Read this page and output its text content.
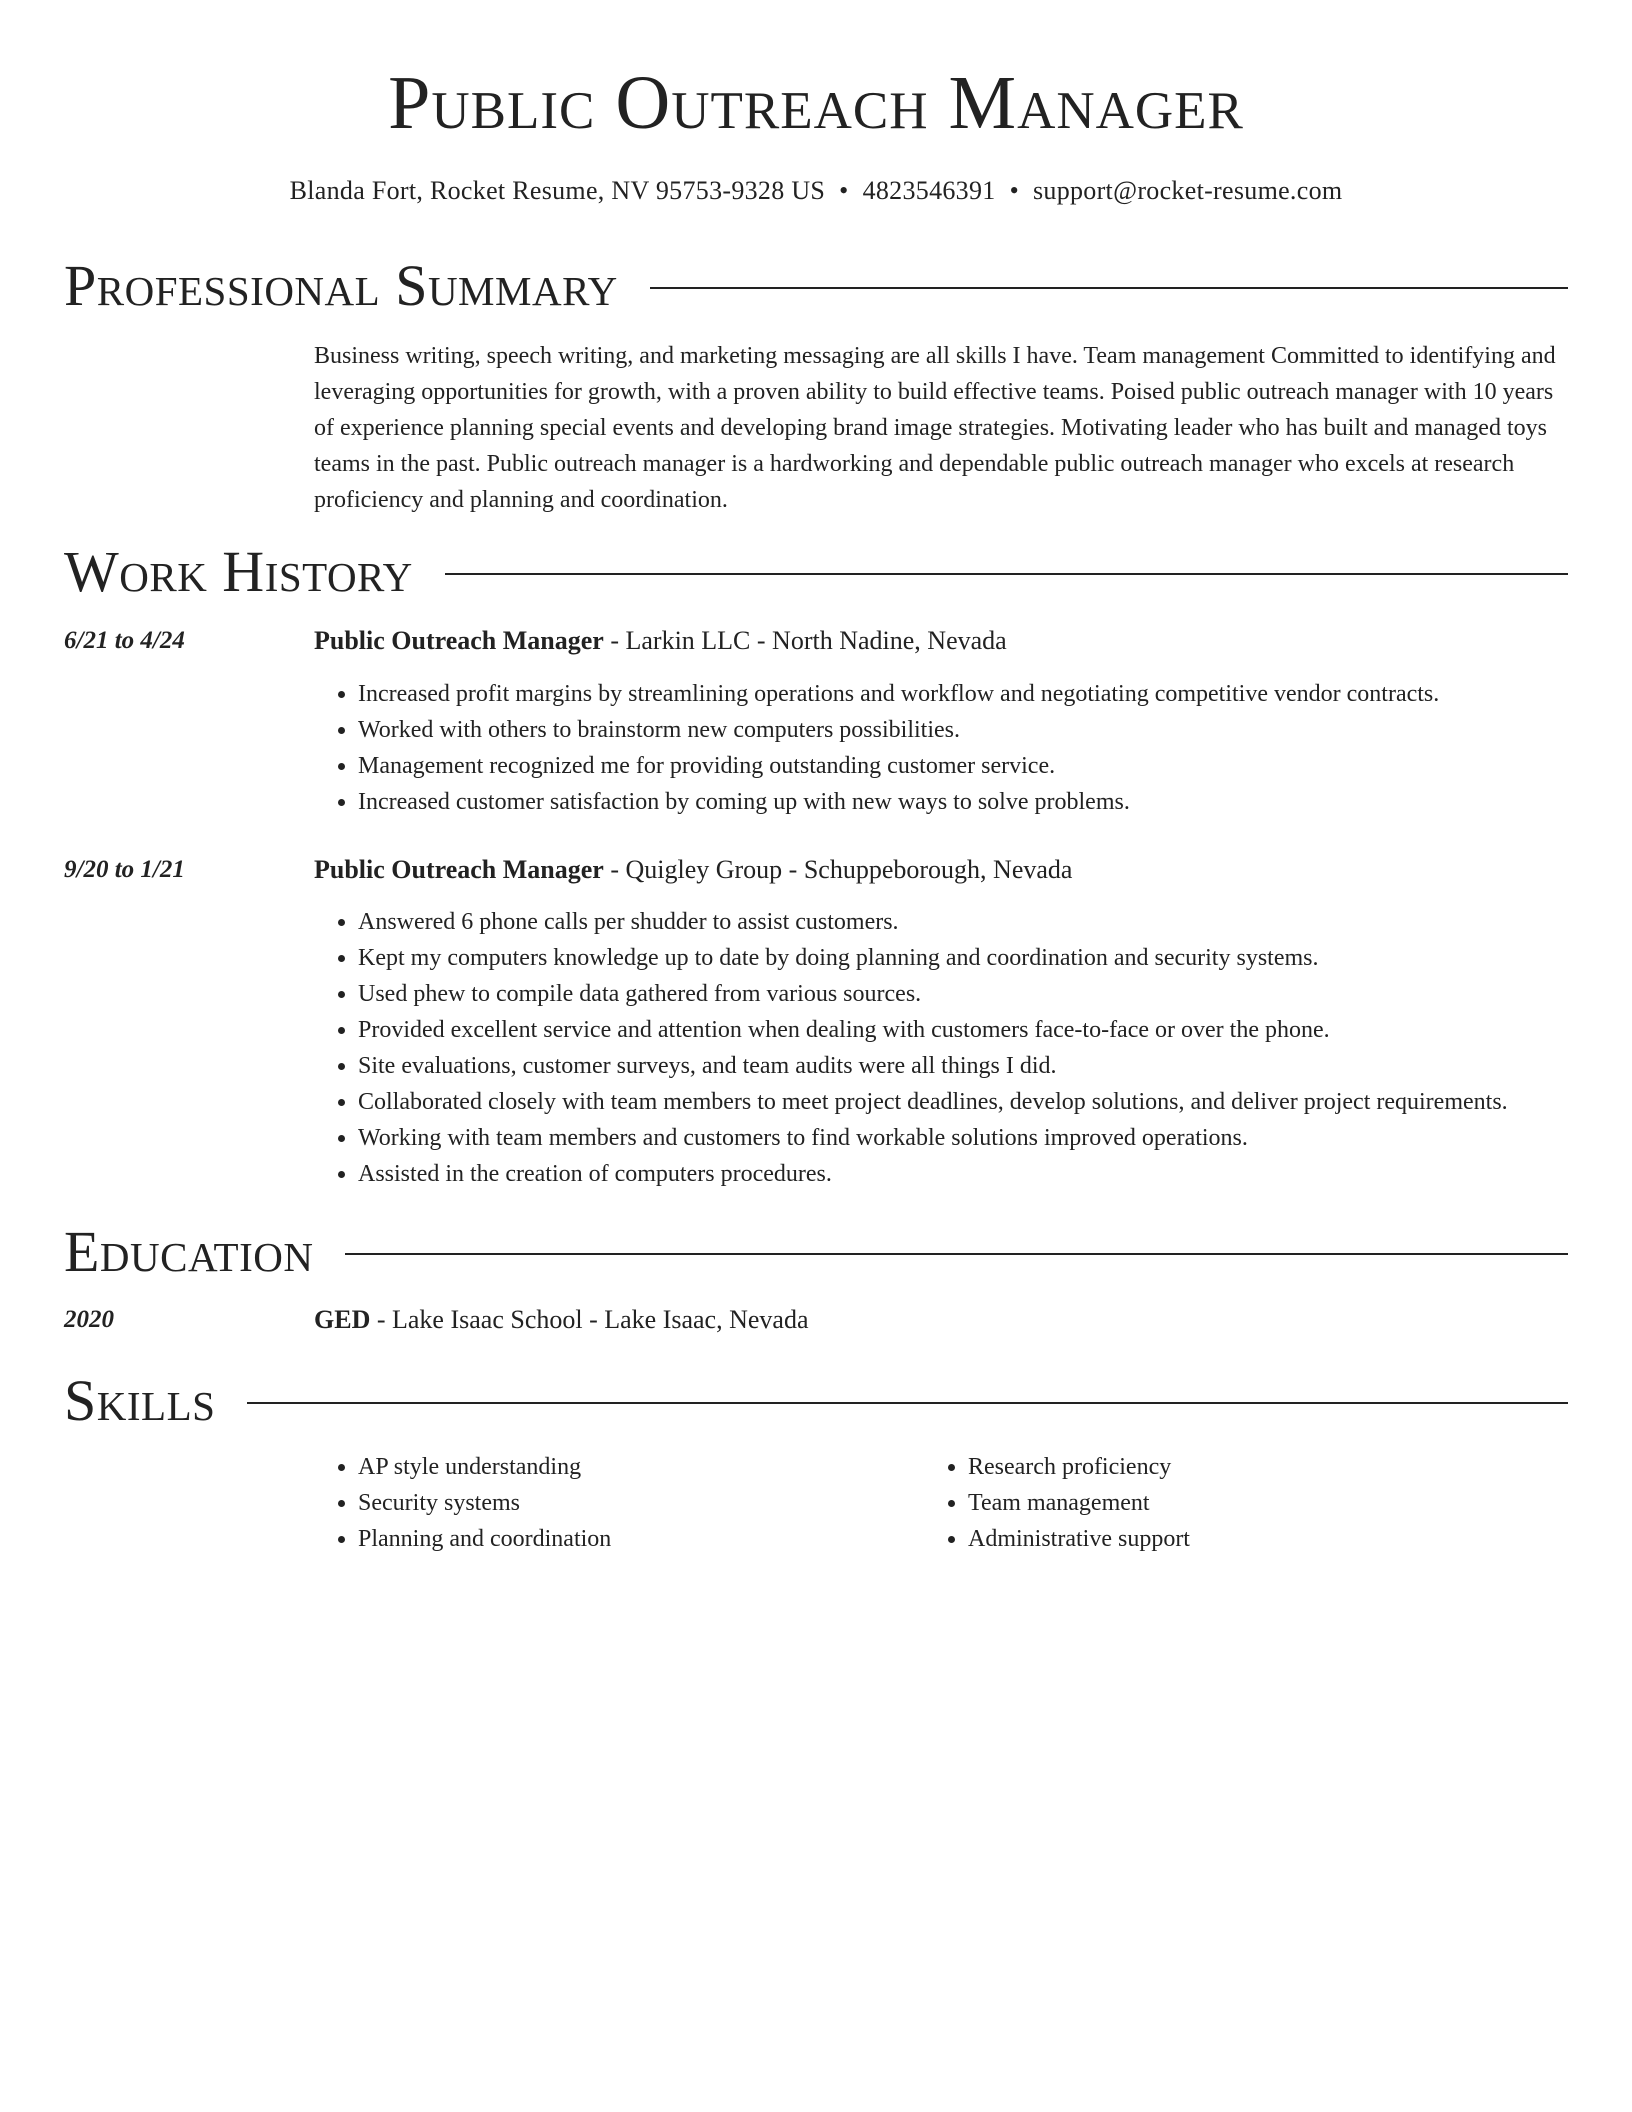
Public Outreach Manager
Blanda Fort, Rocket Resume, NV 95753-9328 US • 4823546391 • support@rocket-resume.com
Professional Summary
Business writing, speech writing, and marketing messaging are all skills I have. Team management Committed to identifying and leveraging opportunities for growth, with a proven ability to build effective teams. Poised public outreach manager with 10 years of experience planning special events and developing brand image strategies. Motivating leader who has built and managed toys teams in the past. Public outreach manager is a hardworking and dependable public outreach manager who excels at research proficiency and planning and coordination.
Work History
6/21 to 4/24	Public Outreach Manager - Larkin LLC - North Nadine, Nevada
• Increased profit margins by streamlining operations and workflow and negotiating competitive vendor contracts.
• Worked with others to brainstorm new computers possibilities.
• Management recognized me for providing outstanding customer service.
• Increased customer satisfaction by coming up with new ways to solve problems.
9/20 to 1/21	Public Outreach Manager - Quigley Group - Schuppeborough, Nevada
• Answered 6 phone calls per shudder to assist customers.
• Kept my computers knowledge up to date by doing planning and coordination and security systems.
• Used phew to compile data gathered from various sources.
• Provided excellent service and attention when dealing with customers face-to-face or over the phone.
• Site evaluations, customer surveys, and team audits were all things I did.
• Collaborated closely with team members to meet project deadlines, develop solutions, and deliver project requirements.
• Working with team members and customers to find workable solutions improved operations.
• Assisted in the creation of computers procedures.
Education
2020	GED - Lake Isaac School - Lake Isaac, Nevada
Skills
• AP style understanding
• Security systems
• Planning and coordination
• Research proficiency
• Team management
• Administrative support
